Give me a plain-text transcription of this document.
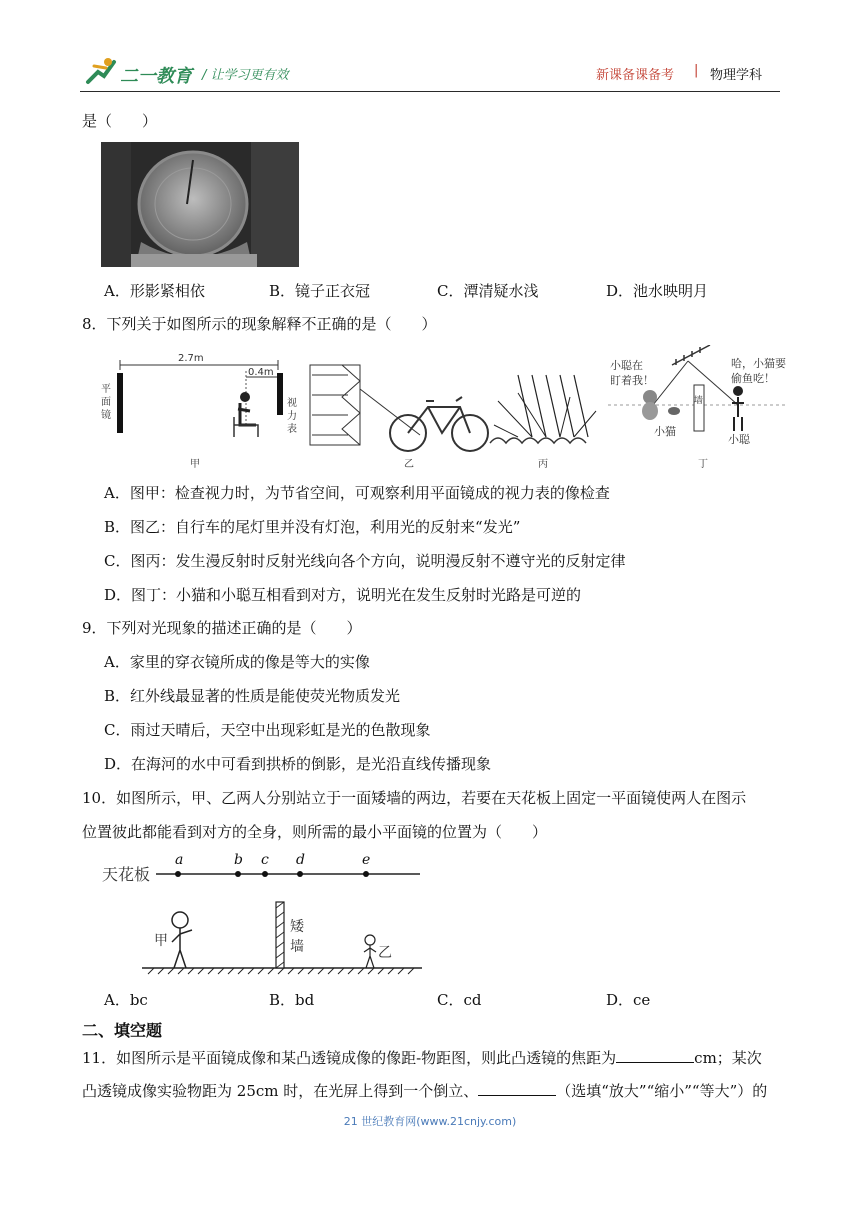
二一教育 / 让学习更有效	新课备课备考 | 物理学科
是（　　）
A．形影紧相依	B．镜子正衣冠	C．潭清疑水浅	D．池水映明月
8．下列关于如图所示的现象解释不正确的是（　　）
2.7m
0.4m
平面镜
视力表
小聪在
盯着我！
哈，小猫要
偷鱼吃！
小猫
小聪
墙
甲	乙	丙	丁
A．图甲：检查视力时，为节省空间，可观察利用平面镜成的视力表的像检查
B．图乙：自行车的尾灯里并没有灯泡，利用光的反射来“发光”
C．图丙：发生漫反射时反射光线向各个方向，说明漫反射不遵守光的反射定律
D．图丁：小猫和小聪互相看到对方，说明光在发生反射时光路是可逆的
9．下列对光现象的描述正确的是（　　）
A．家里的穿衣镜所成的像是等大的实像
B．红外线最显著的性质是能使荧光物质发光
C．雨过天晴后，天空中出现彩虹是光的色散现象
D．在海河的水中可看到拱桥的倒影，是光沿直线传播现象
10．如图所示，甲、乙两人分别站立于一面矮墙的两边，若要在天花板上固定一平面镜使两人在图示
位置彼此都能看到对方的全身，则所需的最小平面镜的位置为（　　）
天花板
a	b c d	e
矮
墙
甲
乙
A．bc	B．bd	C．cd	D．ce
二、填空题
11．如图所示是平面镜成像和某凸透镜成像的像距-物距图，则此凸透镜的焦距为	cm；某次
凸透镜成像实验物距为 25cm 时，在光屏上得到一个倒立、	（选填“放大”“缩小”“等大”）的
21 世纪教育网(www.21cnjy.com)
